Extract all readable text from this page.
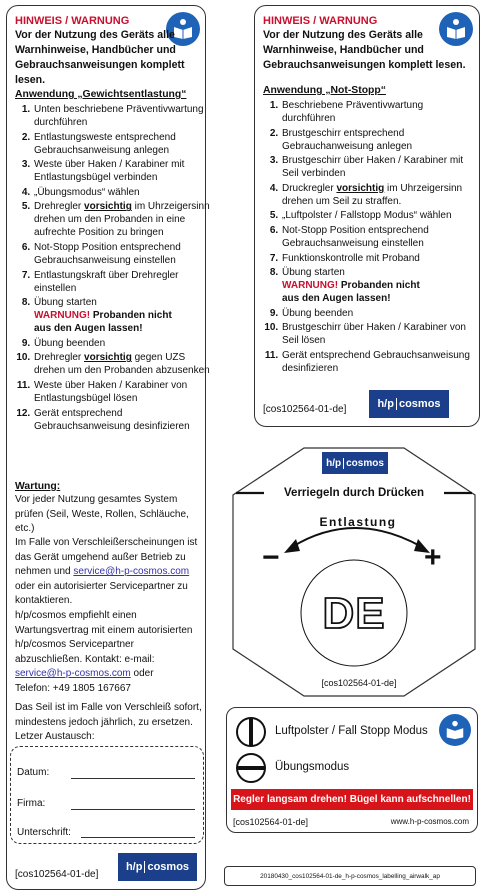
HINWEIS / WARNUNG
Vor der Nutzung des Geräts alle
Warnhinweise, Handbücher und
Gebrauchsanweisungen komplett lesen.
Anwendung „Gewichtsentlastung“
1. Unten beschriebene Präventivwartung durchführen
2. Entlastungsweste entsprechend Gebrauchsanweisung anlegen
3. Weste über Haken / Karabiner mit Entlastungsbügel verbinden
4. „Übungsmodus“ wählen
5. Drehregler vorsichtig im Uhrzeigersinn drehen um den Probanden in eine aufrechte Position zu bringen
6. Not-Stopp Position entsprechend Gebrauchsanweisung einstellen
7. Entlastungskraft über Drehregler einstellen
8. Übung starten
WARNUNG! Probanden nicht
aus den Augen lassen!
9. Übung beenden
10. Drehregler vorsichtig gegen UZS drehen um den Probanden abzusenken
11. Weste über Haken / Karabiner von Entlastungsbügel lösen
12. Gerät entsprechend Gebrauchsanweisung desinfizieren
Wartung:
Vor jeder Nutzung gesamtes System prüfen (Seil, Weste, Rollen, Schläuche, etc.)
Im Falle von Verschleißerscheinungen ist das Gerät umgehend außer Betrieb zu nehmen und service@h-p-cosmos.com oder ein autorisierter Servicepartner zu kontaktieren.
h/p/cosmos empfiehlt einen Wartungsvertrag mit einem autorisierten h/p/cosmos Servicepartner abzuschließen. Kontakt: e-mail: service@h-p-cosmos.com oder
Telefon: +49 1805 167667
Das Seil ist im Falle von Verschleiß sofort, mindestens jedoch jährlich, zu ersetzen. Letzer Austausch:
Datum:
Firma:
Unterschrift:
[cos102564-01-de]
h/p cosmos
HINWEIS / WARNUNG
Vor der Nutzung des Geräts alle
Warnhinweise, Handbücher und
Gebrauchsanweisungen komplett lesen.
Anwendung „Not-Stopp“
1. Beschriebene Präventivwartung durchführen
2. Brustgeschirr entsprechend Gebrauchanweisung anlegen
3. Brustgeschirr über Haken / Karabiner mit Seil verbinden
4. Druckregler vorsichtig im Uhrzeigersinn drehen um Seil zu straffen.
5. „Luftpolster / Fallstopp Modus“ wählen
6. Not-Stopp Position entsprechend Gebrauchsanweisung einstellen
7. Funktionskontrolle mit Proband
8. Übung starten
WARNUNG! Probanden nicht
aus den Augen lassen!
9. Übung beenden
10. Brustgeschirr über Haken / Karabiner von Seil lösen
11. Gerät entsprechend Gebrauchsanweisung desinfizieren
[cos102564-01-de]	h/p cosmos
h/p cosmos
Verriegeln durch Drücken
Entlastung
−	+
DE
[cos102564-01-de]
Luftpolster / Fall Stopp Modus
Übungsmodus
Regler langsam drehen! Bügel kann aufschnellen!
[cos102564-01-de]	www.h-p-cosmos.com
20180430_cos102564-01-de_h-p-cosmos_labelling_airwalk_ap
